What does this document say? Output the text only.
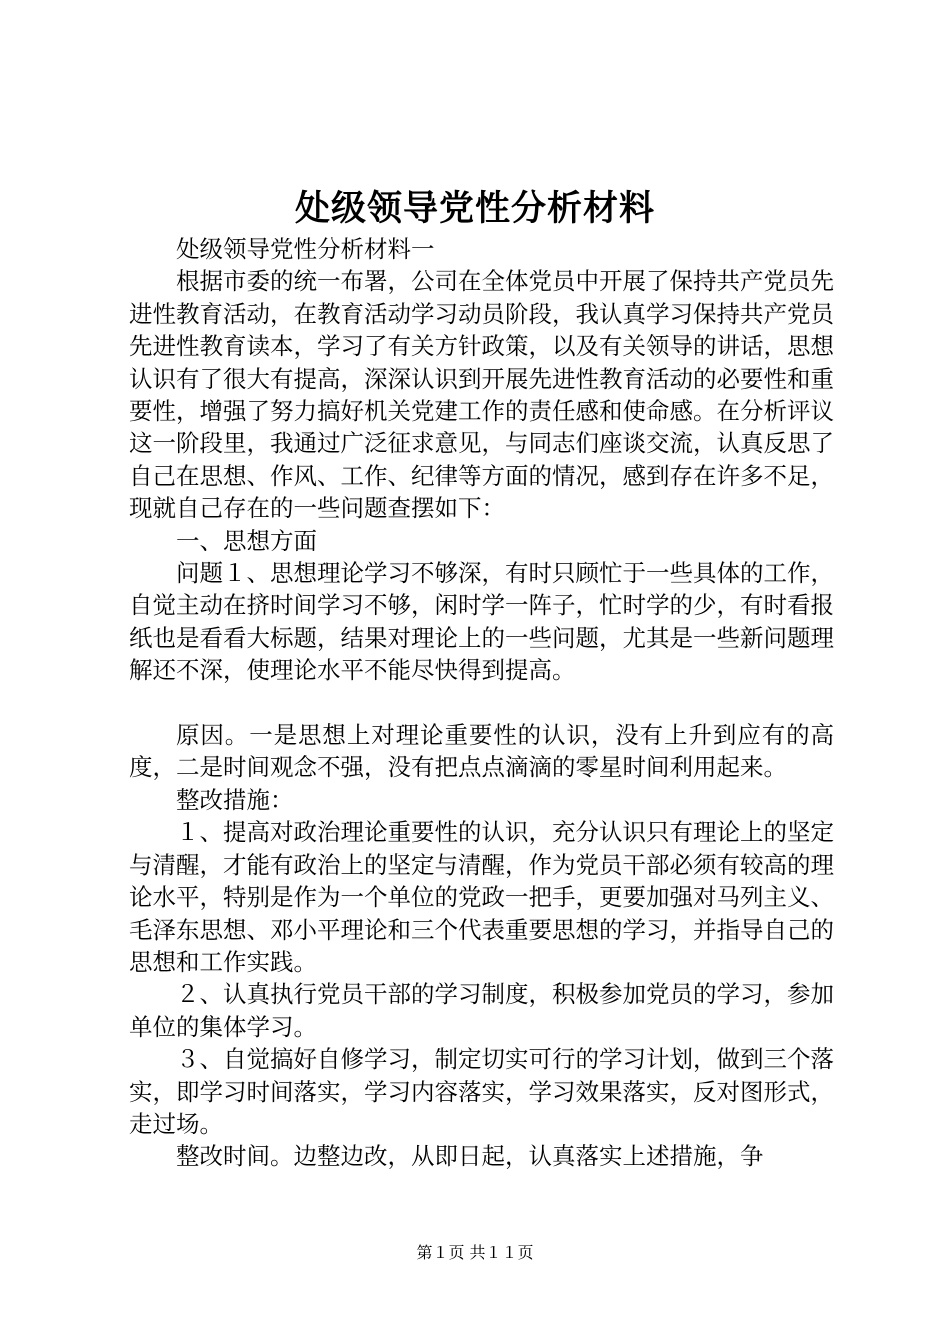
处级领导党性分析材料

处级领导党性分析材料一

根据市委的统一布署，公司在全体党员中开展了保持共产党员先进性教育活动，在教育活动学习动员阶段，我认真学习保持共产党员先进性教育读本，学习了有关方针政策，以及有关领导的讲话，思想认识有了很大有提高，深深认识到开展先进性教育活动的必要性和重要性，增强了努力搞好机关党建工作的责任感和使命感。在分析评议这一阶段里，我通过广泛征求意见，与同志们座谈交流，认真反思了自己在思想、作风、工作、纪律等方面的情况，感到存在许多不足，现就自己存在的一些问题查摆如下：

一、思想方面

问题１、思想理论学习不够深，有时只顾忙于一些具体的工作，自觉主动在挤时间学习不够，闲时学一阵子，忙时学的少，有时看报纸也是看看大标题，结果对理论上的一些问题，尤其是一些新问题理解还不深，使理论水平不能尽快得到提高。

原因。一是思想上对理论重要性的认识，没有上升到应有的高度，二是时间观念不强，没有把点点滴滴的零星时间利用起来。

整改措施：

１、提高对政治理论重要性的认识，充分认识只有理论上的坚定与清醒，才能有政治上的坚定与清醒，作为党员干部必须有较高的理论水平，特别是作为一个单位的党政一把手，更要加强对马列主义、毛泽东思想、邓小平理论和三个代表重要思想的学习，并指导自己的思想和工作实践。

２、认真执行党员干部的学习制度，积极参加党员的学习，参加单位的集体学习。

３、自觉搞好自修学习，制定切实可行的学习计划，做到三个落实，即学习时间落实，学习内容落实，学习效果落实，反对图形式，走过场。

整改时间。边整边改，从即日起，认真落实上述措施，争

第１页 共１１页
